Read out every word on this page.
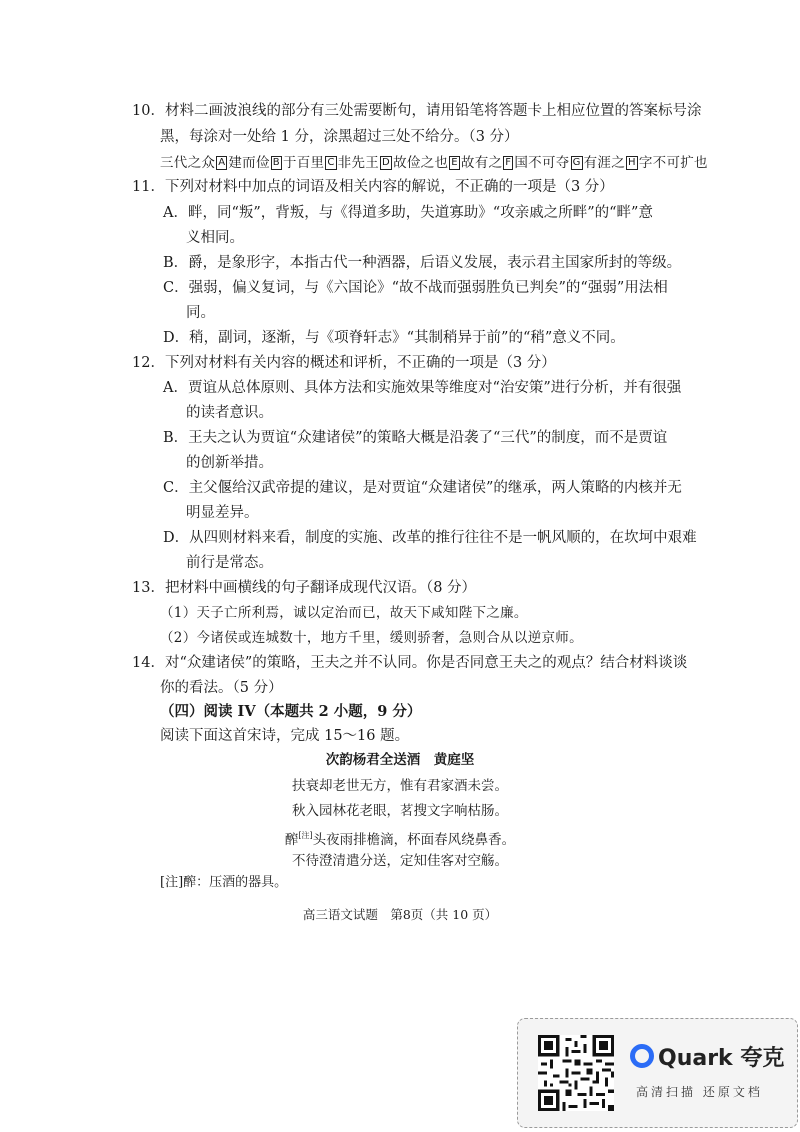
10．材料二画波浪线的部分有三处需要断句，请用铅笔将答题卡上相应位置的答案标号涂
黑，每涂对一处给 1 分，涂黑超过三处不给分。（3 分）
三代之众 A 建而俭 B 于百里 C 非先王 D 故俭之也 E 故有之 F 国不可夺 G 有涯之 H 字不可扩也
11．下列对材料中加点的词语及相关内容的解说，不正确的一项是（3 分）
A．畔，同“叛”，背叛，与《得道多助，失道寡助》“攻亲戚之所畔”的“畔”意
义相同。
B．爵，是象形字，本指古代一种酒器，后语义发展，表示君主国家所封的等级。
C．强弱，偏义复词，与《六国论》“故不战而强弱胜负已判矣”的“强弱”用法相
同。
D．稍，副词，逐渐，与《项脊轩志》“其制稍异于前”的“稍”意义不同。
12．下列对材料有关内容的概述和评析，不正确的一项是（3 分）
A．贾谊从总体原则、具体方法和实施效果等维度对“治安策”进行分析，并有很强
的读者意识。
B．王夫之认为贾谊“众建诸侯”的策略大概是沿袭了“三代”的制度，而不是贾谊
的创新举措。
C．主父偃给汉武帝提的建议，是对贾谊“众建诸侯”的继承，两人策略的内核并无
明显差异。
D．从四则材料来看，制度的实施、改革的推行往往不是一帆风顺的，在坎坷中艰难
前行是常态。
13．把材料中画横线的句子翻译成现代汉语。（8 分）
（1）天子亡所利焉，诚以定治而已，故天下咸知陛下之廉。
（2）今诸侯或连城数十，地方千里，缓则骄奢，急则合从以逆京师。
14．对“众建诸侯”的策略，王夫之并不认同。你是否同意王夫之的观点？结合材料谈谈
你的看法。（5 分）
（四）阅读 IV（本题共 2 小题，9 分）
阅读下面这首宋诗，完成 15～16 题。
次韵杨君全送酒　 黄庭坚
扶衰却老世无方，惟有君家酒未尝。
秋入园林花老眼，茗搜文字响枯肠。
醡[注]头夜雨排檐滴，杯面春风绕鼻香。
不待澄清遣分送，定知佳客对空觞。
[注]醡：压酒的器具。
高三语文试题　第8页（共 10 页）
Quark 夸克
高清扫描 还原文档
